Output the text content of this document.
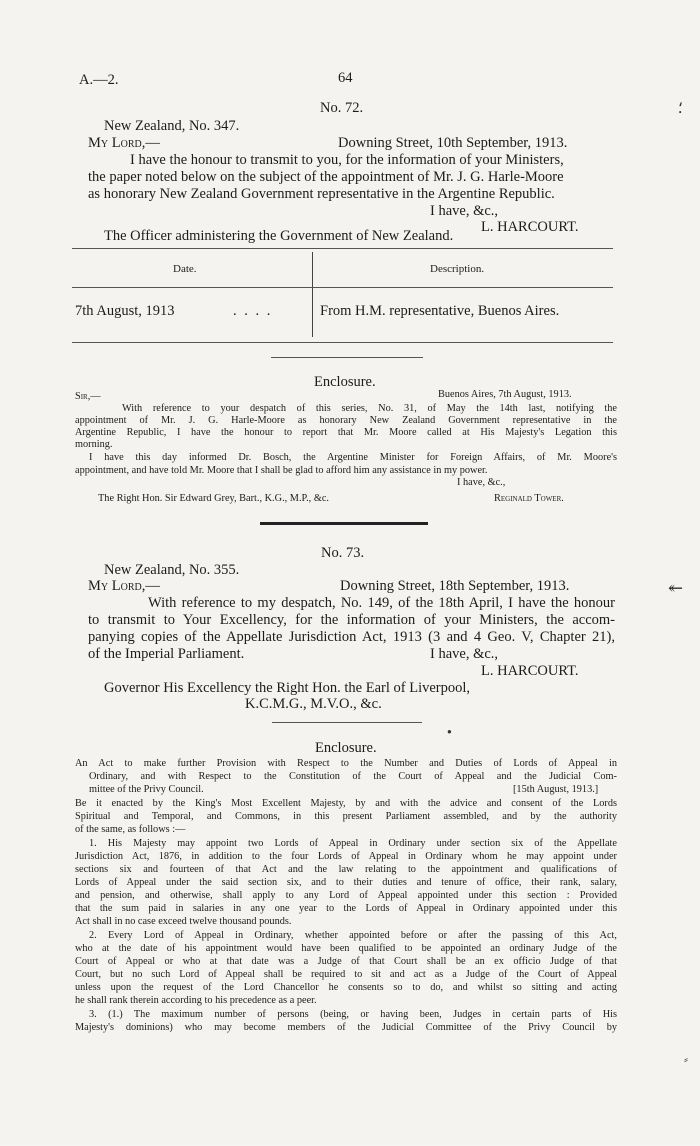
A.—2.	64
⸵
No. 72.
New Zealand, No. 347.
My Lord,—	Downing Street, 10th September, 1913.
I have the honour to transmit to you, for the information of your Ministers,
the paper noted below on the subject of the appointment of Mr. J. G. Harle-Moore
as honorary New Zealand Government representative in the Argentine Republic.
I have, &c.,
L. HARCOURT.
The Officer administering the Government of New Zealand.
Date.	Description.
7th August, 1913	. . . .	From H.M. representative, Buenos Aires.
Enclosure.
Sir,—	Buenos Aires, 7th August, 1913.
With reference to your despatch of this series, No. 31, of May the 14th last, notifying the
appointment of Mr. J. G. Harle-Moore as honorary New Zealand Government representative in the
Argentine Republic, I have the honour to report that Mr. Moore called at His Majesty's Legation this
morning.
I have this day informed Dr. Bosch, the Argentine Minister for Foreign Affairs, of Mr. Moore's
appointment, and have told Mr. Moore that I shall be glad to afford him any assistance in my power.
I have, &c.,
The Right Hon. Sir Edward Grey, Bart., K.G., M.P., &c.	Reginald Tower.
No. 73.
New Zealand, No. 355.
My Lord,—	Downing Street, 18th September, 1913.	↞
With reference to my despatch, No. 149, of the 18th April, I have the honour
to transmit to Your Excellency, for the information of your Ministers, the accom-
panying copies of the Appellate Jurisdiction Act, 1913 (3 and 4 Geo. V, Chapter 21),
of the Imperial Parliament.	I have, &c.,
L. HARCOURT.
Governor His Excellency the Right Hon. the Earl of Liverpool,
K.C.M.G., M.V.O., &c.
●
Enclosure.
An Act to make further Provision with Respect to the Number and Duties of Lords of Appeal in
Ordinary, and with Respect to the Constitution of the Court of Appeal and the Judicial Com-
mittee of the Privy Council.	[15th August, 1913.]
Be it enacted by the King's Most Excellent Majesty, by and with the advice and consent of the Lords
Spiritual and Temporal, and Commons, in this present Parliament assembled, and by the authority
of the same, as follows :—
1. His Majesty may appoint two Lords of Appeal in Ordinary under section six of the Appellate
Jurisdiction Act, 1876, in addition to the four Lords of Appeal in Ordinary whom he may appoint under
sections six and fourteen of that Act and the law relating to the appointment and qualifications of
Lords of Appeal under the said section six, and to their duties and tenure of office, their rank, salary,
and pension, and otherwise, shall apply to any Lord of Appeal appointed under this section : Provided
that the sum paid in salaries in any one year to the Lords of Appeal in Ordinary appointed under this
Act shall in no case exceed twelve thousand pounds.
2. Every Lord of Appeal in Ordinary, whether appointed before or after the passing of this Act,
who at the date of his appointment would have been qualified to be appointed an ordinary Judge of the
Court of Appeal or who at that date was a Judge of that Court shall be an ex officio Judge of that
Court, but no such Lord of Appeal shall be required to sit and act as a Judge of the Court of Appeal
unless upon the request of the Lord Chancellor he consents so to do, and whilst so sitting and acting
he shall rank therein according to his precedence as a peer.
3. (1.) The maximum number of persons (being, or having been, Judges in certain parts of His
Majesty's dominions) who may become members of the Judicial Committee of the Privy Council by
⸗
